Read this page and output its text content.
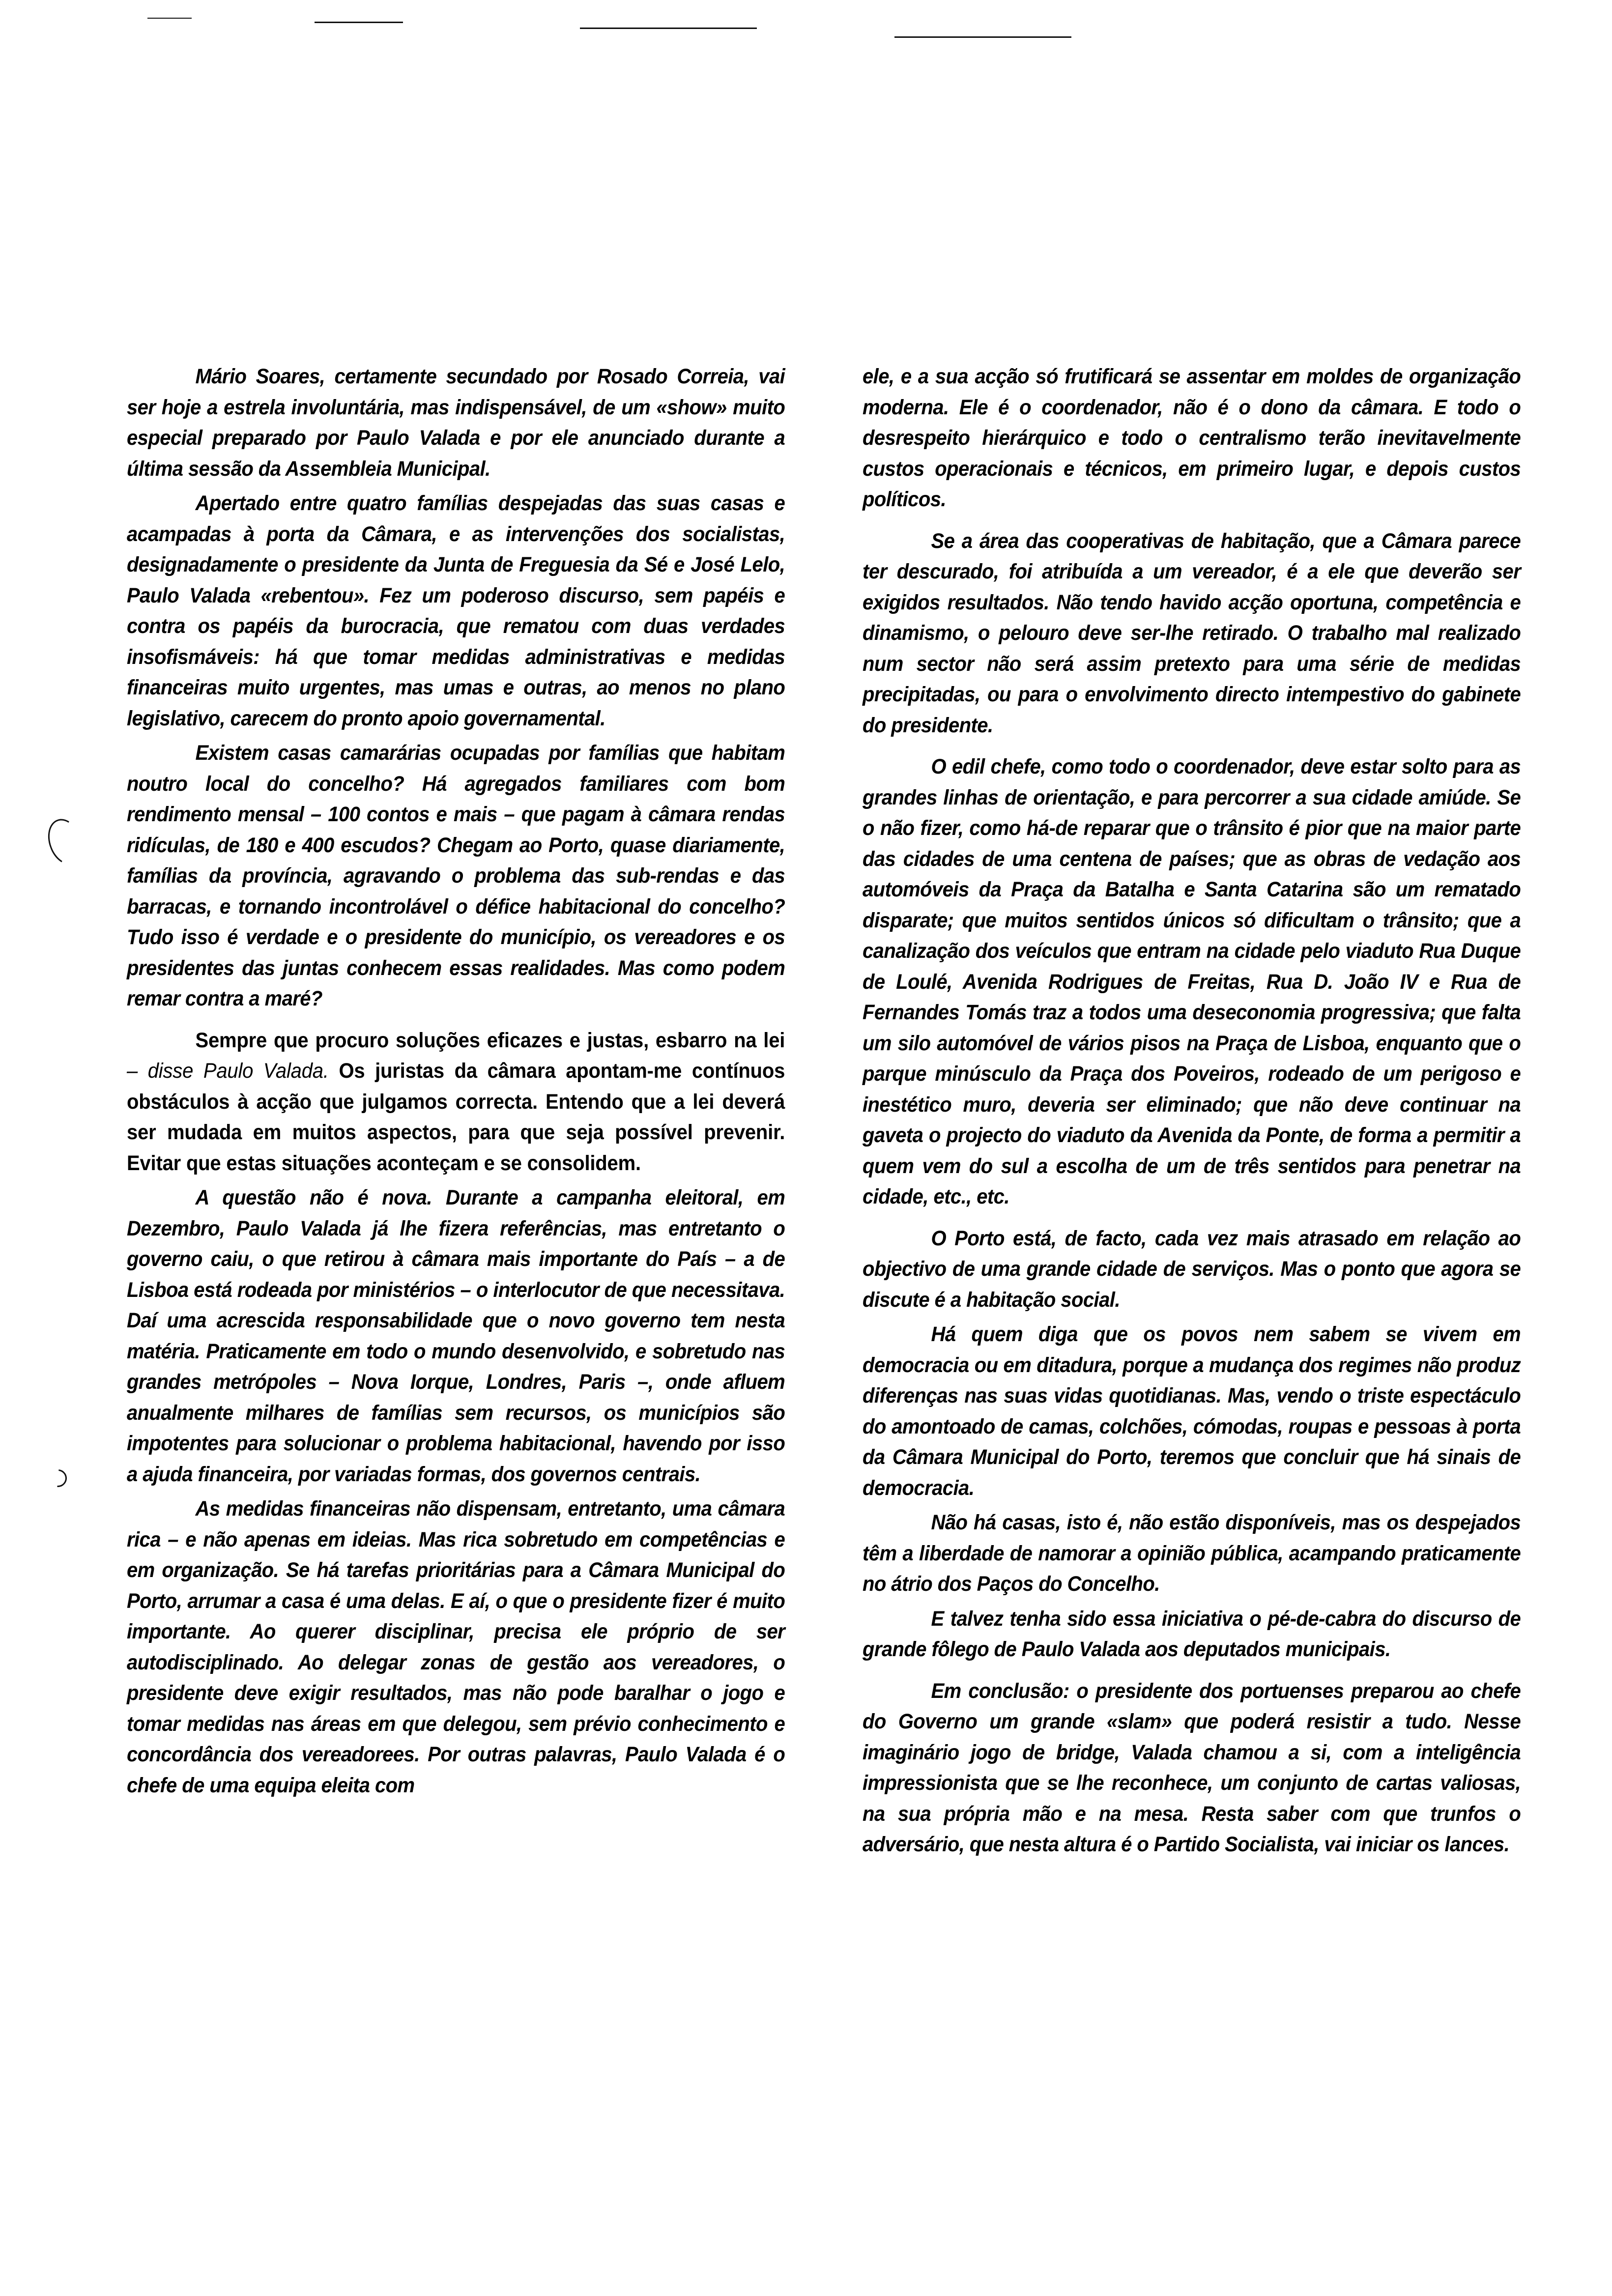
Mário Soares, certamente secundado por Rosado Correia, vai ser hoje a estrela involuntária, mas indispensável, de um «show» muito especial preparado por Paulo Valada e por ele anunciado durante a última sessão da Assembleia Municipal.

Apertado entre quatro famílias despejadas das suas casas e acampadas à porta da Câmara, e as intervenções dos socialistas, designadamente o presidente da Junta de Freguesia da Sé e José Lelo, Paulo Valada «rebentou». Fez um poderoso discurso, sem papéis e contra os papéis da burocracia, que rematou com duas verdades insofismáveis: há que tomar medidas administrativas e medidas financeiras muito urgentes, mas umas e outras, ao menos no plano legislativo, carecem do pronto apoio governamental.

Existem casas camarárias ocupadas por famílias que habitam noutro local do concelho? Há agregados familiares com bom rendimento mensal – 100 contos e mais – que pagam à câmara rendas ridículas, de 180 e 400 escudos? Chegam ao Porto, quase diariamente, famílias da província, agravando o problema das sub-rendas e das barracas, e tornando incontrolável o défice habitacional do concelho? Tudo isso é verdade e o presidente do município, os vereadores e os presidentes das juntas conhecem essas realidades. Mas como podem remar contra a maré?

Sempre que procuro soluções eficazes e justas, esbarro na lei – disse Paulo Valada. Os juristas da câmara apontam-me contínuos obstáculos à acção que julgamos correcta. Entendo que a lei deverá ser mudada em muitos aspectos, para que seja possível prevenir. Evitar que estas situações aconteçam e se consolidem.

A questão não é nova. Durante a campanha eleitoral, em Dezembro, Paulo Valada já lhe fizera referências, mas entretanto o governo caiu, o que retirou à câmara mais importante do País – a de Lisboa está rodeada por ministérios – o interlocutor de que necessitava. Daí uma acrescida responsabilidade que o novo governo tem nesta matéria. Praticamente em todo o mundo desenvolvido, e sobretudo nas grandes metrópoles – Nova Iorque, Londres, Paris –, onde afluem anualmente milhares de famílias sem recursos, os municípios são impotentes para solucionar o problema habitacional, havendo por isso a ajuda financeira, por variadas formas, dos governos centrais.

As medidas financeiras não dispensam, entretanto, uma câmara rica – e não apenas em ideias. Mas rica sobretudo em competências e em organização. Se há tarefas prioritárias para a Câmara Municipal do Porto, arrumar a casa é uma delas. E aí, o que o presidente fizer é muito importante. Ao querer disciplinar, precisa ele próprio de ser autodisciplinado. Ao delegar zonas de gestão aos vereadores, o presidente deve exigir resultados, mas não pode baralhar o jogo e tomar medidas nas áreas em que delegou, sem prévio conhecimento e concordância dos vereadorees. Por outras palavras, Paulo Valada é o chefe de uma equipa eleita com

ele, e a sua acção só frutificará se assentar em moldes de organização moderna. Ele é o coordenador, não é o dono da câmara. E todo o desrespeito hierárquico e todo o centralismo terão inevitavelmente custos operacionais e técnicos, em primeiro lugar, e depois custos políticos.

Se a área das cooperativas de habitação, que a Câmara parece ter descurado, foi atribuída a um vereador, é a ele que deverão ser exigidos resultados. Não tendo havido acção oportuna, competência e dinamismo, o pelouro deve ser-lhe retirado. O trabalho mal realizado num sector não será assim pretexto para uma série de medidas precipitadas, ou para o envolvimento directo intempestivo do gabinete do presidente.

O edil chefe, como todo o coordenador, deve estar solto para as grandes linhas de orientação, e para percorrer a sua cidade amiúde. Se o não fizer, como há-de reparar que o trânsito é pior que na maior parte das cidades de uma centena de países; que as obras de vedação aos automóveis da Praça da Batalha e Santa Catarina são um rematado disparate; que muitos sentidos únicos só dificultam o trânsito; que a canalização dos veículos que entram na cidade pelo viaduto Rua Duque de Loulé, Avenida Rodrigues de Freitas, Rua D. João IV e Rua de Fernandes Tomás traz a todos uma deseconomia progressiva; que falta um silo automóvel de vários pisos na Praça de Lisboa, enquanto que o parque minúsculo da Praça dos Poveiros, rodeado de um perigoso e inestético muro, deveria ser eliminado; que não deve continuar na gaveta o projecto do viaduto da Avenida da Ponte, de forma a permitir a quem vem do sul a escolha de um de três sentidos para penetrar na cidade, etc., etc.

O Porto está, de facto, cada vez mais atrasado em relação ao objectivo de uma grande cidade de serviços. Mas o ponto que agora se discute é a habitação social.

Há quem diga que os povos nem sabem se vivem em democracia ou em ditadura, porque a mudança dos regimes não produz diferenças nas suas vidas quotidianas. Mas, vendo o triste espectáculo do amontoado de camas, colchões, cómodas, roupas e pessoas à porta da Câmara Municipal do Porto, teremos que concluir que há sinais de democracia.

Não há casas, isto é, não estão disponíveis, mas os despejados têm a liberdade de namorar a opinião pública, acampando praticamente no átrio dos Paços do Concelho.

E talvez tenha sido essa iniciativa o pé-de-cabra do discurso de grande fôlego de Paulo Valada aos deputados municipais.

Em conclusão: o presidente dos portuenses preparou ao chefe do Governo um grande «slam» que poderá resistir a tudo. Nesse imaginário jogo de bridge, Valada chamou a si, com a inteligência impressionista que se lhe reconhece, um conjunto de cartas valiosas, na sua própria mão e na mesa. Resta saber com que trunfos o adversário, que nesta altura é o Partido Socialista, vai iniciar os lances.
